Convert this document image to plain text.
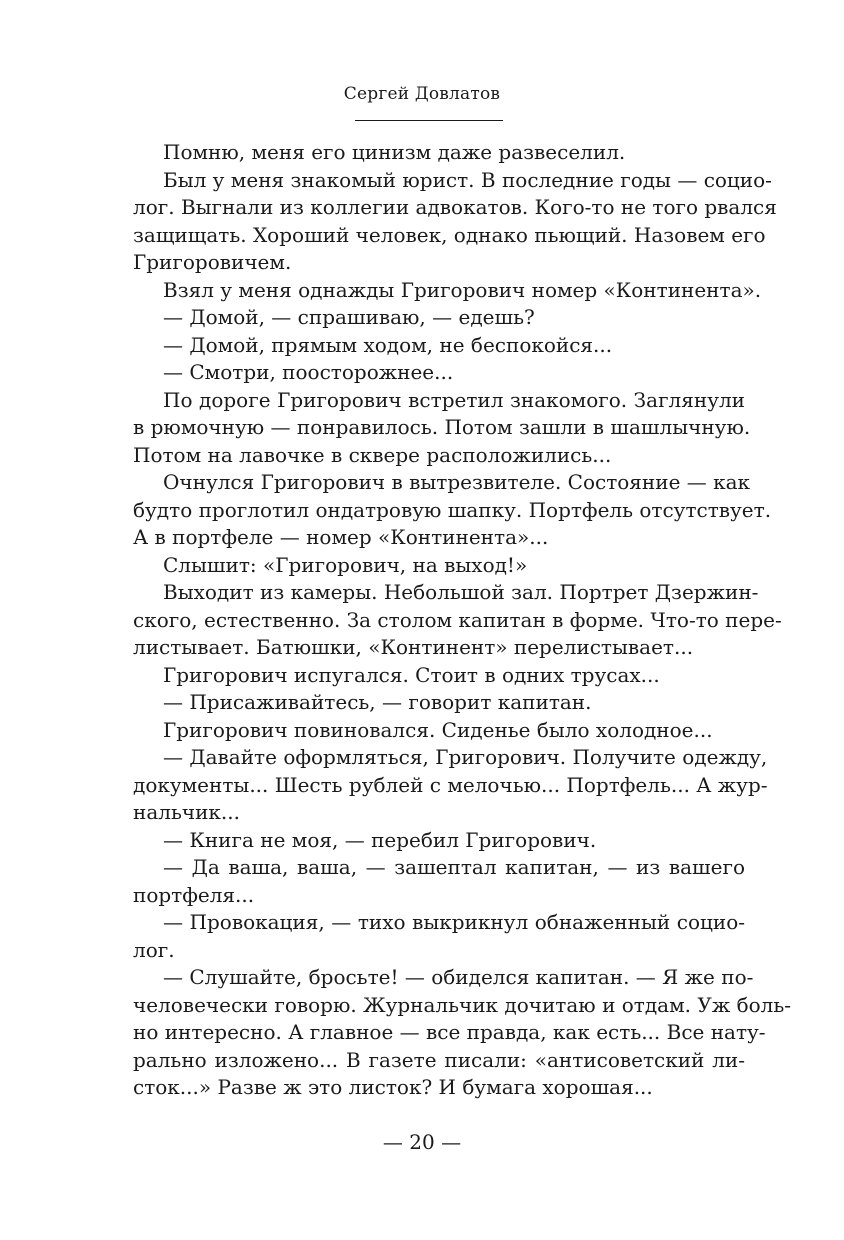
Сергей Довлатов
Помню, меня его цинизм даже развеселил.
Был у меня знакомый юрист. В последние годы — социо-
лог. Выгнали из коллегии адвокатов. Кого-то не того рвался
защищать. Хороший человек, однако пьющий. Назовем его
Григоровичем.
Взял у меня однажды Григорович номер «Континента».
— Домой, — спрашиваю, — едешь?
— Домой, прямым ходом, не беспокойся...
— Смотри, поосторожнее...
По дороге Григорович встретил знакомого. Заглянули
в рюмочную — понравилось. Потом зашли в шашлычную.
Потом на лавочке в сквере расположились...
Очнулся Григорович в вытрезвителе. Состояние — как
будто проглотил ондатровую шапку. Портфель отсутствует.
А в портфеле — номер «Континента»...
Слышит: «Григорович, на выход!»
Выходит из камеры. Небольшой зал. Портрет Дзержин-
ского, естественно. За столом капитан в форме. Что-то пере-
листывает. Батюшки, «Континент» перелистывает...
Григорович испугался. Стоит в одних трусах...
— Присаживайтесь, — говорит капитан.
Григорович повиновался. Сиденье было холодное...
— Давайте оформляться, Григорович. Получите одежду,
документы... Шесть рублей с мелочью... Портфель... А жур-
нальчик...
— Книга не моя, — перебил Григорович.
— Да ваша, ваша, — зашептал капитан, — из вашего
портфеля...
— Провокация, — тихо выкрикнул обнаженный социо-
лог.
— Слушайте, бросьте! — обиделся капитан. — Я же по-
человечески говорю. Журнальчик дочитаю и отдам. Уж боль-
но интересно. А главное — все правда, как есть... Все нату-
рально изложено... В газете писали: «антисоветский ли-
сток...» Разве ж это листок? И бумага хорошая...
— 20 —
